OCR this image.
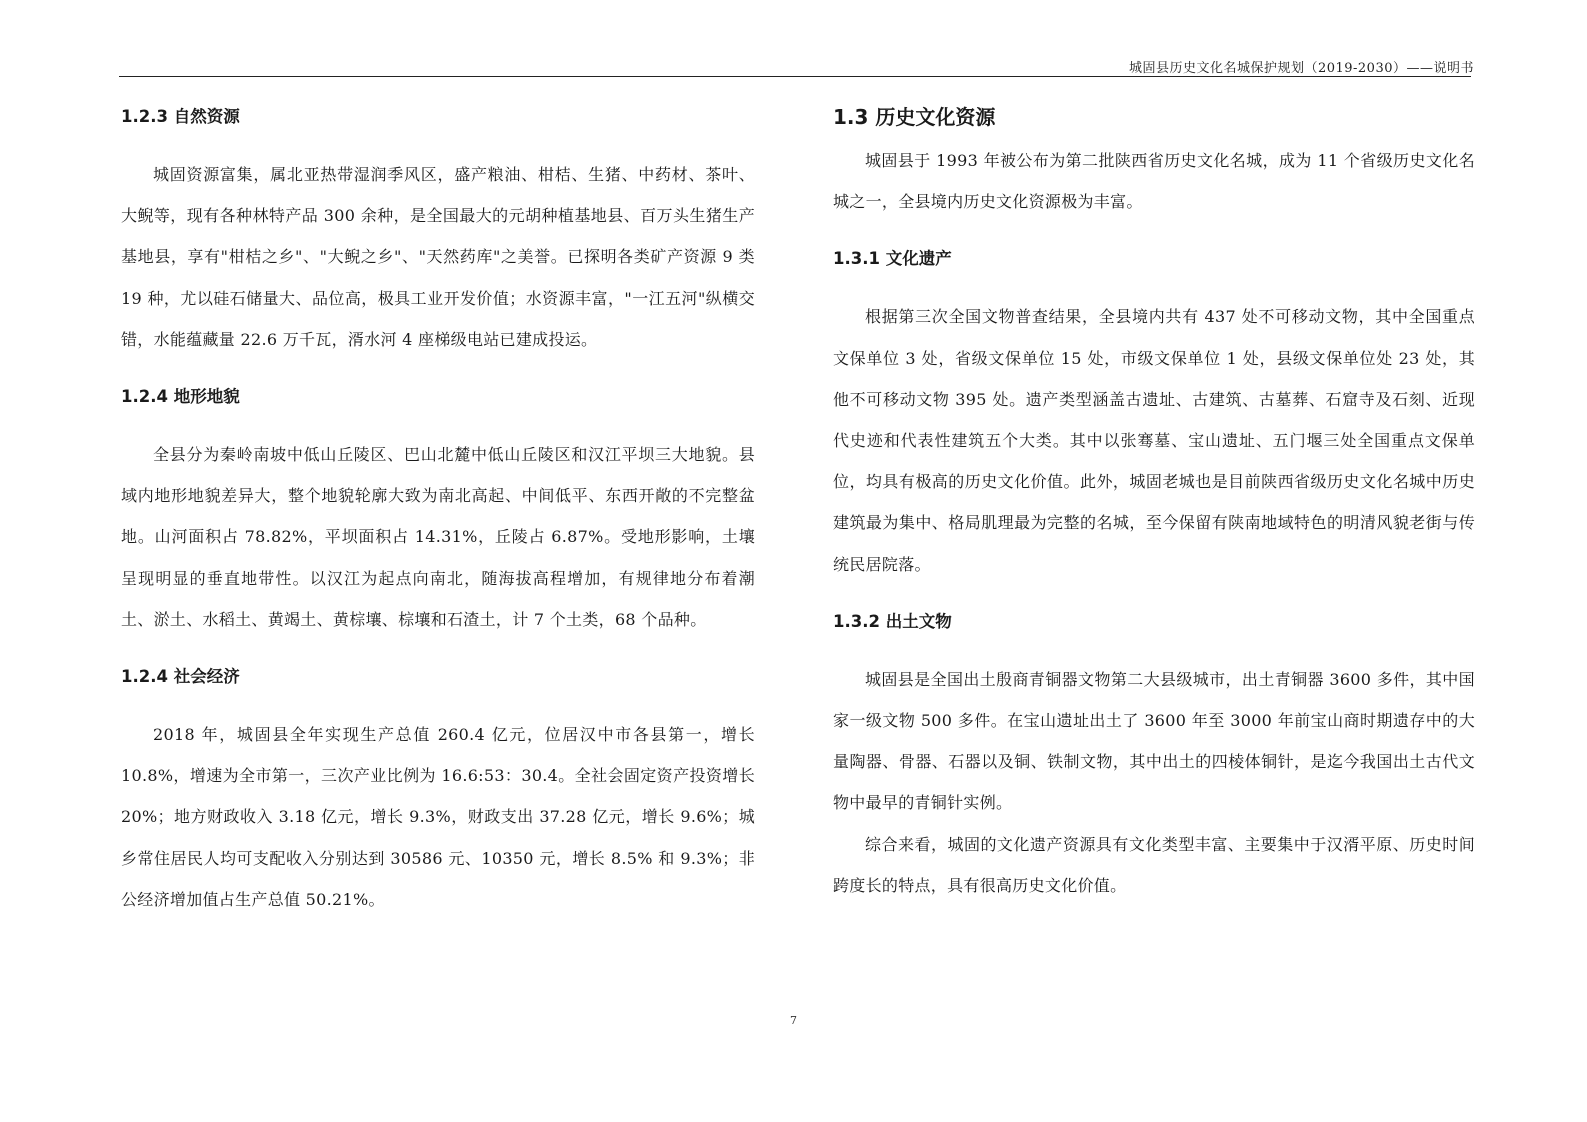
城固县历史文化名城保护规划（2019-2030）——说明书
1.2.3 自然资源

城固资源富集，属北亚热带湿润季风区，盛产粮油、柑桔、生猪、中药材、茶叶、大鲵等，现有各种林特产品 300 余种，是全国最大的元胡种植基地县、百万头生猪生产基地县，享有"柑桔之乡"、"大鲵之乡"、"天然药库"之美誉。已探明各类矿产资源 9 类 19 种，尤以硅石储量大、品位高，极具工业开发价值；水资源丰富，"一江五河"纵横交错，水能蕴藏量 22.6 万千瓦，湑水河 4 座梯级电站已建成投运。

1.2.4 地形地貌

全县分为秦岭南坡中低山丘陵区、巴山北麓中低山丘陵区和汉江平坝三大地貌。县域内地形地貌差异大，整个地貌轮廓大致为南北高起、中间低平、东西开敞的不完整盆地。山河面积占 78.82%，平坝面积占 14.31%，丘陵占 6.87%。受地形影响，土壤呈现明显的垂直地带性。以汉江为起点向南北，随海拔高程增加，有规律地分布着潮土、淤土、水稻土、黄竭土、黄棕壤、棕壤和石渣土，计 7 个土类，68 个品种。

1.2.4 社会经济

2018 年，城固县全年实现生产总值 260.4 亿元，位居汉中市各县第一，增长 10.8%，增速为全市第一，三次产业比例为 16.6:53：30.4。全社会固定资产投资增长 20%；地方财政收入 3.18 亿元，增长 9.3%，财政支出 37.28 亿元，增长 9.6%；城乡常住居民人均可支配收入分别达到 30586 元、10350 元，增长 8.5% 和 9.3%；非公经济增加值占生产总值 50.21%。

1.3 历史文化资源

城固县于 1993 年被公布为第二批陕西省历史文化名城，成为 11 个省级历史文化名城之一，全县境内历史文化资源极为丰富。

1.3.1 文化遗产

根据第三次全国文物普查结果，全县境内共有 437 处不可移动文物，其中全国重点文保单位 3 处，省级文保单位 15 处，市级文保单位 1 处，县级文保单位处 23 处，其他不可移动文物 395 处。遗产类型涵盖古遗址、古建筑、古墓葬、石窟寺及石刻、近现代史迹和代表性建筑五个大类。其中以张骞墓、宝山遗址、五门堰三处全国重点文保单位，均具有极高的历史文化价值。此外，城固老城也是目前陕西省级历史文化名城中历史建筑最为集中、格局肌理最为完整的名城，至今保留有陕南地域特色的明清风貌老街与传统民居院落。

1.3.2 出土文物

城固县是全国出土殷商青铜器文物第二大县级城市，出土青铜器 3600 多件，其中国家一级文物 500 多件。在宝山遗址出土了 3600 年至 3000 年前宝山商时期遗存中的大量陶器、骨器、石器以及铜、铁制文物，其中出土的四棱体铜针，是迄今我国出土古代文物中最早的青铜针实例。

综合来看，城固的文化遗产资源具有文化类型丰富、主要集中于汉湑平原、历史时间跨度长的特点，具有很高历史文化价值。

7
